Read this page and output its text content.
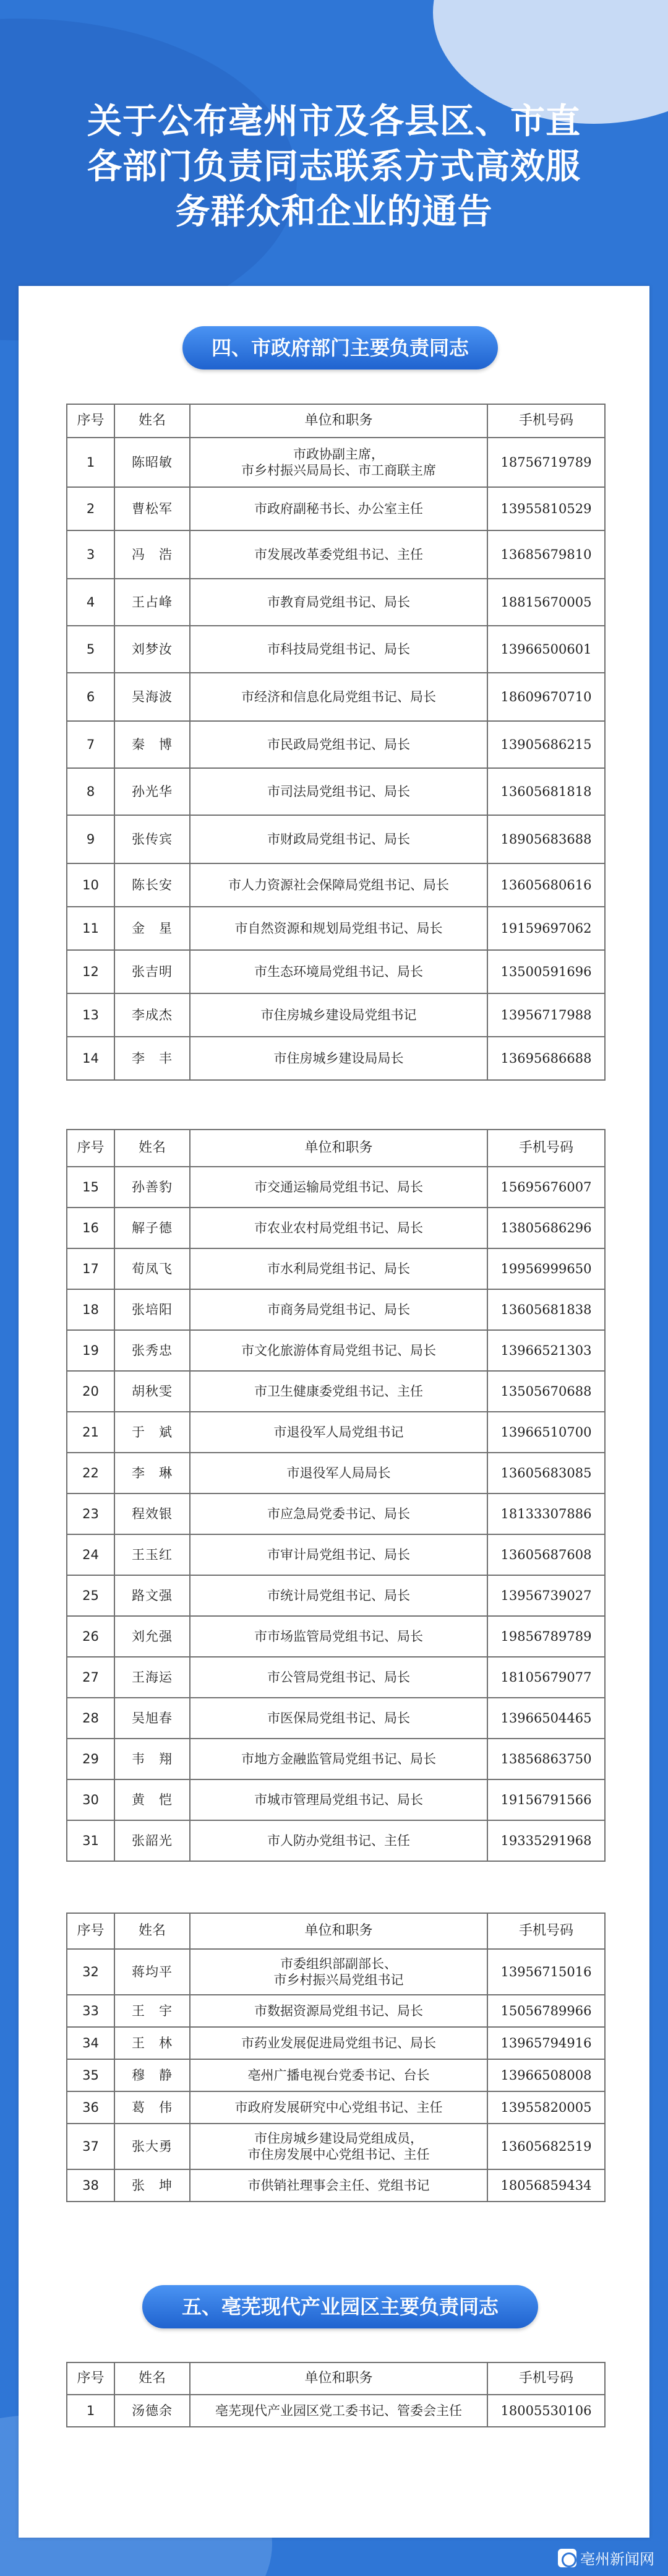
关于公布亳州市及各县区、市直
各部门负责同志联系方式高效服
务群众和企业的通告
四、市政府部门主要负责同志
序号	姓名	单位和职务	手机号码
1	陈昭敏	市政协副主席，
市乡村振兴局局长、市工商联主席	18756719789
2	曹松军	市政府副秘书长、办公室主任	13955810529
3	冯　浩	市发展改革委党组书记、主任	13685679810
4	王占峰	市教育局党组书记、局长	18815670005
5	刘梦汝	市科技局党组书记、局长	13966500601
6	吴海波	市经济和信息化局党组书记、局长	18609670710
7	秦　博	市民政局党组书记、局长	13905686215
8	孙光华	市司法局党组书记、局长	13605681818
9	张传宾	市财政局党组书记、局长	18905683688
10	陈长安	市人力资源社会保障局党组书记、局长	13605680616
11	金　星	市自然资源和规划局党组书记、局长	19159697062
12	张吉明	市生态环境局党组书记、局长	13500591696
13	李成杰	市住房城乡建设局党组书记	13956717988
14	李　丰	市住房城乡建设局局长	13695686688
序号	姓名	单位和职务	手机号码
15	孙善豹	市交通运输局党组书记、局长	15695676007
16	解子德	市农业农村局党组书记、局长	13805686296
17	荀凤飞	市水利局党组书记、局长	19956999650
18	张培阳	市商务局党组书记、局长	13605681838
19	张秀忠	市文化旅游体育局党组书记、局长	13966521303
20	胡秋雯	市卫生健康委党组书记、主任	13505670688
21	于　斌	市退役军人局党组书记	13966510700
22	李　琳	市退役军人局局长	13605683085
23	程效银	市应急局党委书记、局长	18133307886
24	王玉红	市审计局党组书记、局长	13605687608
25	路文强	市统计局党组书记、局长	13956739027
26	刘允强	市市场监管局党组书记、局长	19856789789
27	王海运	市公管局党组书记、局长	18105679077
28	吴旭春	市医保局党组书记、局长	13966504465
29	韦　翔	市地方金融监管局党组书记、局长	13856863750
30	黄　恺	市城市管理局党组书记、局长	19156791566
31	张韶光	市人防办党组书记、主任	19335291968
序号	姓名	单位和职务	手机号码
32	蒋均平	市委组织部副部长、
市乡村振兴局党组书记	13956715016
33	王　宇	市数据资源局党组书记、局长	15056789966
34	王　林	市药业发展促进局党组书记、局长	13965794916
35	穆　静	亳州广播电视台党委书记、台长	13966508008
36	葛　伟	市政府发展研究中心党组书记、主任	13955820005
37	张大勇	市住房城乡建设局党组成员，
市住房发展中心党组书记、主任	13605682519
38	张　坤	市供销社理事会主任、党组书记	18056859434
五、亳芜现代产业园区主要负责同志
序号	姓名	单位和职务	手机号码
1	汤德余	亳芜现代产业园区党工委书记、管委会主任	18005530106
亳州新闻网
